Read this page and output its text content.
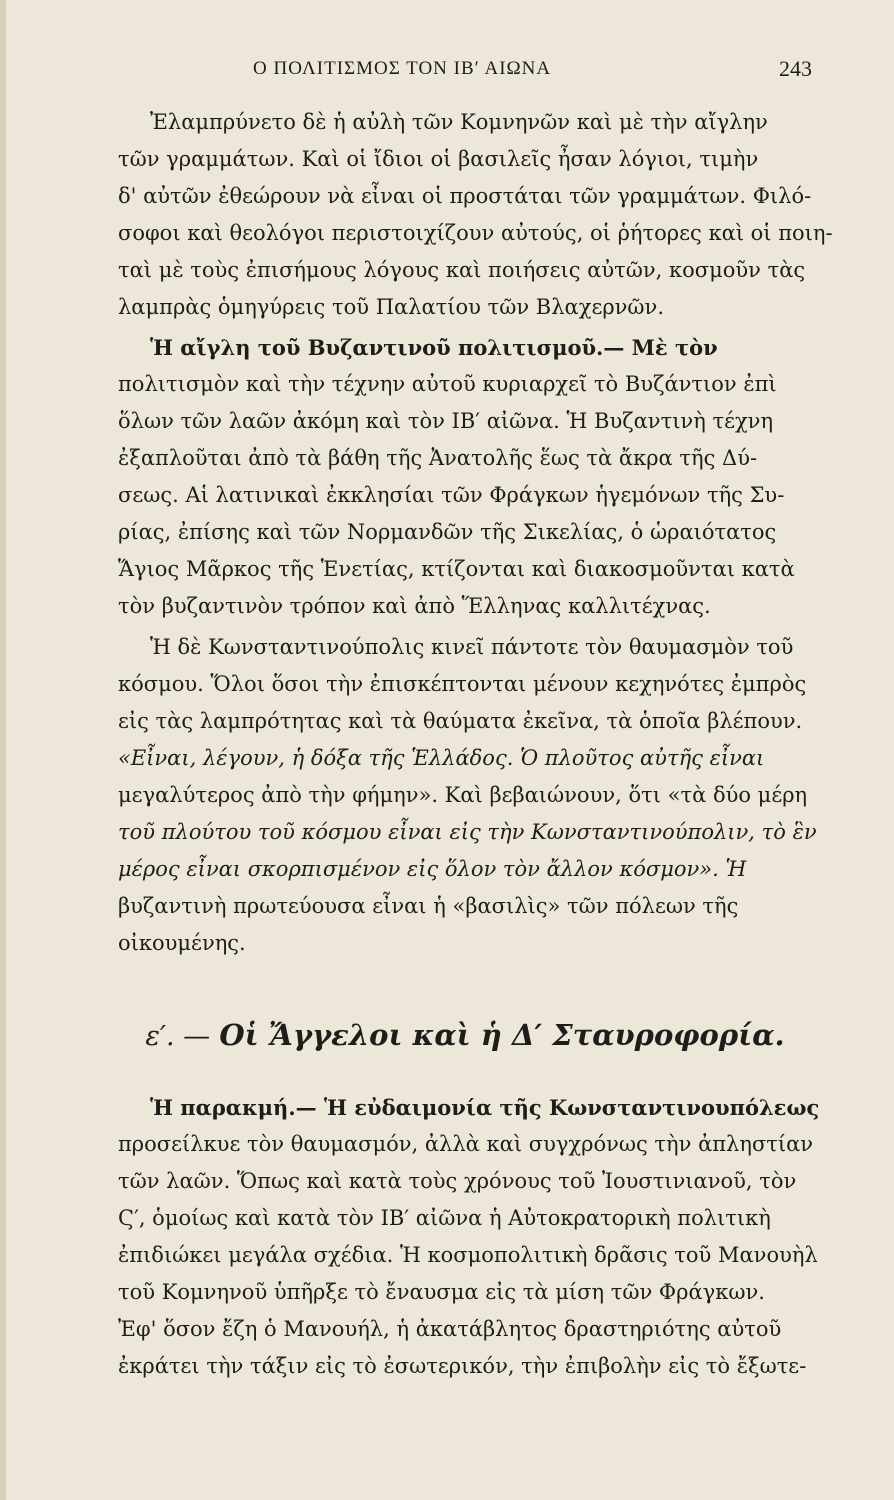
Ο ΠΟΛΙΤΙΣΜΟΣ ΤΟΝ ΙΒ′ ΑΙΩΝΑ	243
Ἐλαμπρύνετο δὲ ἡ αὐλὴ τῶν Κομνηνῶν καὶ μὲ τὴν αἴγλην
τῶν γραμμάτων. Καὶ οἱ ἴδιοι οἱ βασιλεῖς ἦσαν λόγιοι, τιμὴν
δ' αὐτῶν ἐθεώρουν νὰ εἶναι οἱ προστάται τῶν γραμμάτων. Φιλό-
σοφοι καὶ θεολόγοι περιστοιχίζουν αὐτούς, οἱ ῥήτορες καὶ οἱ ποιη-
ταὶ μὲ τοὺς ἐπισήμους λόγους καὶ ποιήσεις αὐτῶν, κοσμοῦν τὰς
λαμπρὰς ὁμηγύρεις τοῦ Παλατίου τῶν Βλαχερνῶν.
Ἡ αἴγλη τοῦ Βυζαντινοῦ πολιτισμοῦ.— Μὲ τὸν
πολιτισμὸν καὶ τὴν τέχνην αὐτοῦ κυριαρχεῖ τὸ Βυζάντιον ἐπὶ
ὅλων τῶν λαῶν ἀκόμη καὶ τὸν ΙΒ′ αἰῶνα. Ἡ Βυζαντινὴ τέχνη
ἐξαπλοῦται ἀπὸ τὰ βάθη τῆς Ἀνατολῆς ἕως τὰ ἄκρα τῆς Δύ-
σεως. Αἱ λατινικαὶ ἐκκλησίαι τῶν Φράγκων ἡγεμόνων τῆς Συ-
ρίας, ἐπίσης καὶ τῶν Νορμανδῶν τῆς Σικελίας, ὁ ὡραιότατος
Ἅγιος Μᾶρκος τῆς Ἑνετίας, κτίζονται καὶ διακοσμοῦνται κατὰ
τὸν βυζαντινὸν τρόπον καὶ ἀπὸ Ἕλληνας καλλιτέχνας.
Ἡ δὲ Κωνσταντινούπολις κινεῖ πάντοτε τὸν θαυμασμὸν τοῦ
κόσμου. Ὅλοι ὅσοι τὴν ἐπισκέπτονται μένουν κεχηνότες ἐμπρὸς
εἰς τὰς λαμπρότητας καὶ τὰ θαύματα ἐκεῖνα, τὰ ὁποῖα βλέπουν.
«Εἶναι, λέγουν, ἡ δόξα τῆς Ἑλλάδος. Ὁ πλοῦτος αὐτῆς εἶναι
μεγαλύτερος ἀπὸ τὴν φήμην». Καὶ βεβαιώνουν, ὅτι «τὰ δύο μέρη
τοῦ πλούτου τοῦ κόσμου εἶναι εἰς τὴν Κωνσταντινούπολιν, τὸ ἓν
μέρος εἶναι σκορπισμένον εἰς ὅλον τὸν ἄλλον κόσμον». Ἡ
βυζαντινὴ πρωτεύουσα εἶναι ἡ «βασιλὶς» τῶν πόλεων τῆς
οἰκουμένης.
ε′. — Οἱ Ἄγγελοι καὶ ἡ Δ′ Σταυροφορία.
Ἡ παρακμή.— Ἡ εὐδαιμονία τῆς Κωνσταντινουπόλεως
προσείλκυε τὸν θαυμασμόν, ἀλλὰ καὶ συγχρόνως τὴν ἀπληστίαν
τῶν λαῶν. Ὅπως καὶ κατὰ τοὺς χρόνους τοῦ Ἰουστινιανοῦ, τὸν
Ϛ′, ὁμοίως καὶ κατὰ τὸν ΙΒ′ αἰῶνα ἡ Αὐτοκρατορικὴ πολιτικὴ
ἐπιδιώκει μεγάλα σχέδια. Ἡ κοσμοπολιτικὴ δρᾶσις τοῦ Μανουὴλ
τοῦ Κομνηνοῦ ὑπῆρξε τὸ ἔναυσμα εἰς τὰ μίση τῶν Φράγκων.
Ἐφ' ὅσον ἔζη ὁ Μανουήλ, ἡ ἀκατάβλητος δραστηριότης αὐτοῦ
ἐκράτει τὴν τάξιν εἰς τὸ ἐσωτερικόν, τὴν ἐπιβολὴν εἰς τὸ ἔξωτε-
